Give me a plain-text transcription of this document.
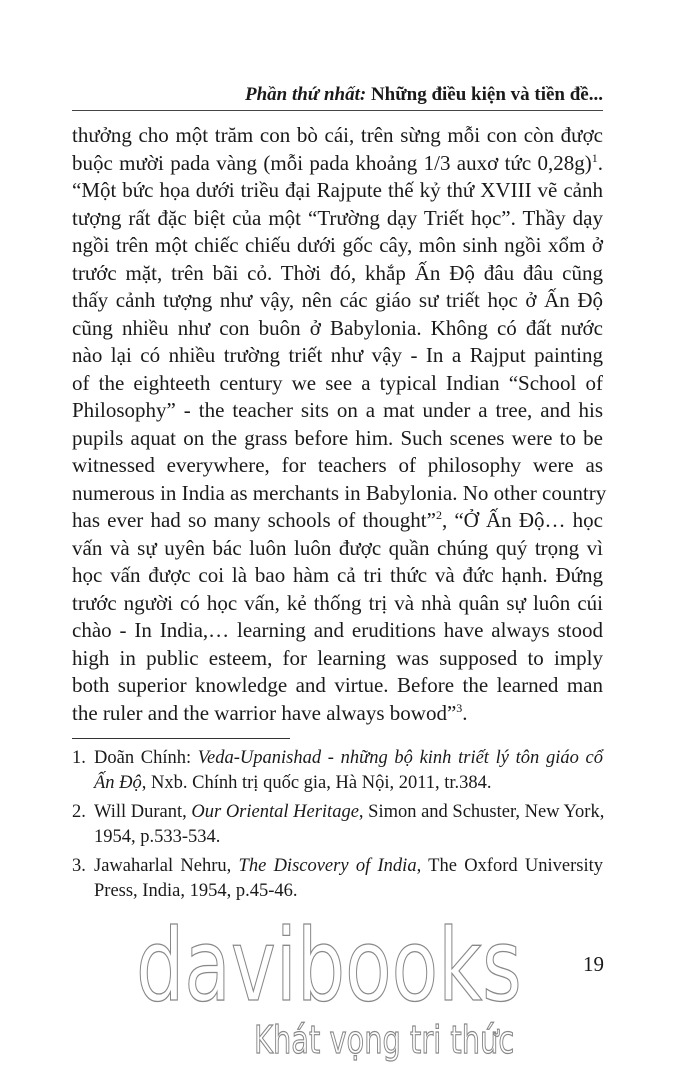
Phần thứ nhất: Những điều kiện và tiền đề...
thưởng cho một trăm con bò cái, trên sừng mỗi con còn được
buộc mười pada vàng (mỗi pada khoảng 1/3 auxơ tức 0,28g)$^1$.
“Một bức họa dưới triều đại Rajpute thế kỷ thứ XVIII vẽ cảnh
tượng rất đặc biệt của một “Trường dạy Triết học”. Thầy dạy
ngồi trên một chiếc chiếu dưới gốc cây, môn sinh ngồi xổm ở
trước mặt, trên bãi cỏ. Thời đó, khắp Ấn Độ đâu đâu cũng
thấy cảnh tượng như vậy, nên các giáo sư triết học ở Ấn Độ
cũng nhiều như con buôn ở Babylonia. Không có đất nước
nào lại có nhiều trường triết như vậy - In a Rajput painting
of the eighteeth century we see a typical Indian “School of
Philosophy” - the teacher sits on a mat under a tree, and his
pupils aquat on the grass before him. Such scenes were to be
witnessed everywhere, for teachers of philosophy were as
numerous in India as merchants in Babylonia. No other country
has ever had so many schools of thought”$^2$, “Ở Ấn Độ… học
vấn và sự uyên bác luôn luôn được quần chúng quý trọng vì
học vấn được coi là bao hàm cả tri thức và đức hạnh. Đứng
trước người có học vấn, kẻ thống trị và nhà quân sự luôn cúi
chào - In India,… learning and eruditions have always stood
high in public esteem, for learning was supposed to imply
both superior knowledge and virtue. Before the learned man
the ruler and the warrior have always bowod”$^3$.
1. Doãn Chính: Veda-Upanishad - những bộ kinh triết lý tôn giáo cổ
Ấn Độ, Nxb. Chính trị quốc gia, Hà Nội, 2011, tr.384.
2. Will Durant, Our Oriental Heritage, Simon and Schuster, New York,
1954, p.533-534.
3. Jawaharlal Nehru, The Discovery of India, The Oxford University
Press, India, 1954, p.45-46.
davibooks
Khát vọng tri thức
19
